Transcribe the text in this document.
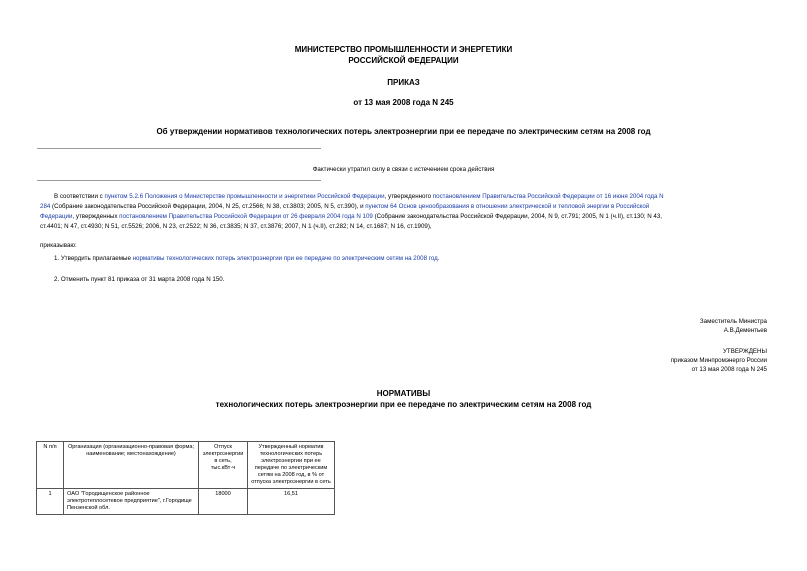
МИНИСТЕРСТВО ПРОМЫШЛЕННОСТИ И ЭНЕРГЕТИКИ
РОССИЙСКОЙ ФЕДЕРАЦИИ
ПРИКАЗ
от 13 мая 2008 года N 245
Об утверждении нормативов технологических потерь электроэнергии при ее передаче по электрическим сетям на 2008 год
Фактически утратил силу в связи с истечением срока действия
В соответствии с пунктом 5.2.6 Положения о Министерстве промышленности и энергетики Российской Федерации, утвержденного постановлением Правительства Российской Федерации от 16 июня 2004 года N
284 (Собрание законодательства Российской Федерации, 2004, N 25, ст.2566; N 38, ст.3803; 2005, N 5, ст.390), и пунктом 64 Основ ценообразования в отношении электрической и тепловой энергии в Российской
Федерации, утвержденных постановлением Правительства Российской Федерации от 26 февраля 2004 года N 109 (Собрание законодательства Российской Федерации, 2004, N 9, ст.791; 2005, N 1 (ч.II), ст.130; N 43,
ст.4401; N 47, ст.4930; N 51, ст.5526; 2006, N 23, ст.2522; N 36, ст.3835; N 37, ст.3876; 2007, N 1 (ч.II), ст.282; N 14, ст.1687; N 16, ст.1909),
приказываю:
1. Утвердить прилагаемые нормативы технологических потерь электроэнергии при ее передаче по электрическим сетям на 2008 год.
2. Отменить пункт 81 приказа от 31 марта 2008 года N 150.
Заместитель Министра
А.В.Дементьев
УТВЕРЖДЕНЫ
приказом Минпромэнерго России
от 13 мая 2008 года N 245
НОРМАТИВЫ
технологических потерь электроэнергии при ее передаче по электрическим сетям на 2008 год
N п/п	Организация (организационно-правовая форма; наименование; местонахождение)	Отпуск электроэнергии в сеть, тыс.кВт·ч	Утвержденный норматив технологических потерь электроэнергии при ее передаче по электрическим сетям на 2008 год, в % от отпуска электроэнергии в сеть
1	ОАО "Городищенское районное электротеплосетевое предприятие", г.Городище Пензенской обл.	18000	16,51
